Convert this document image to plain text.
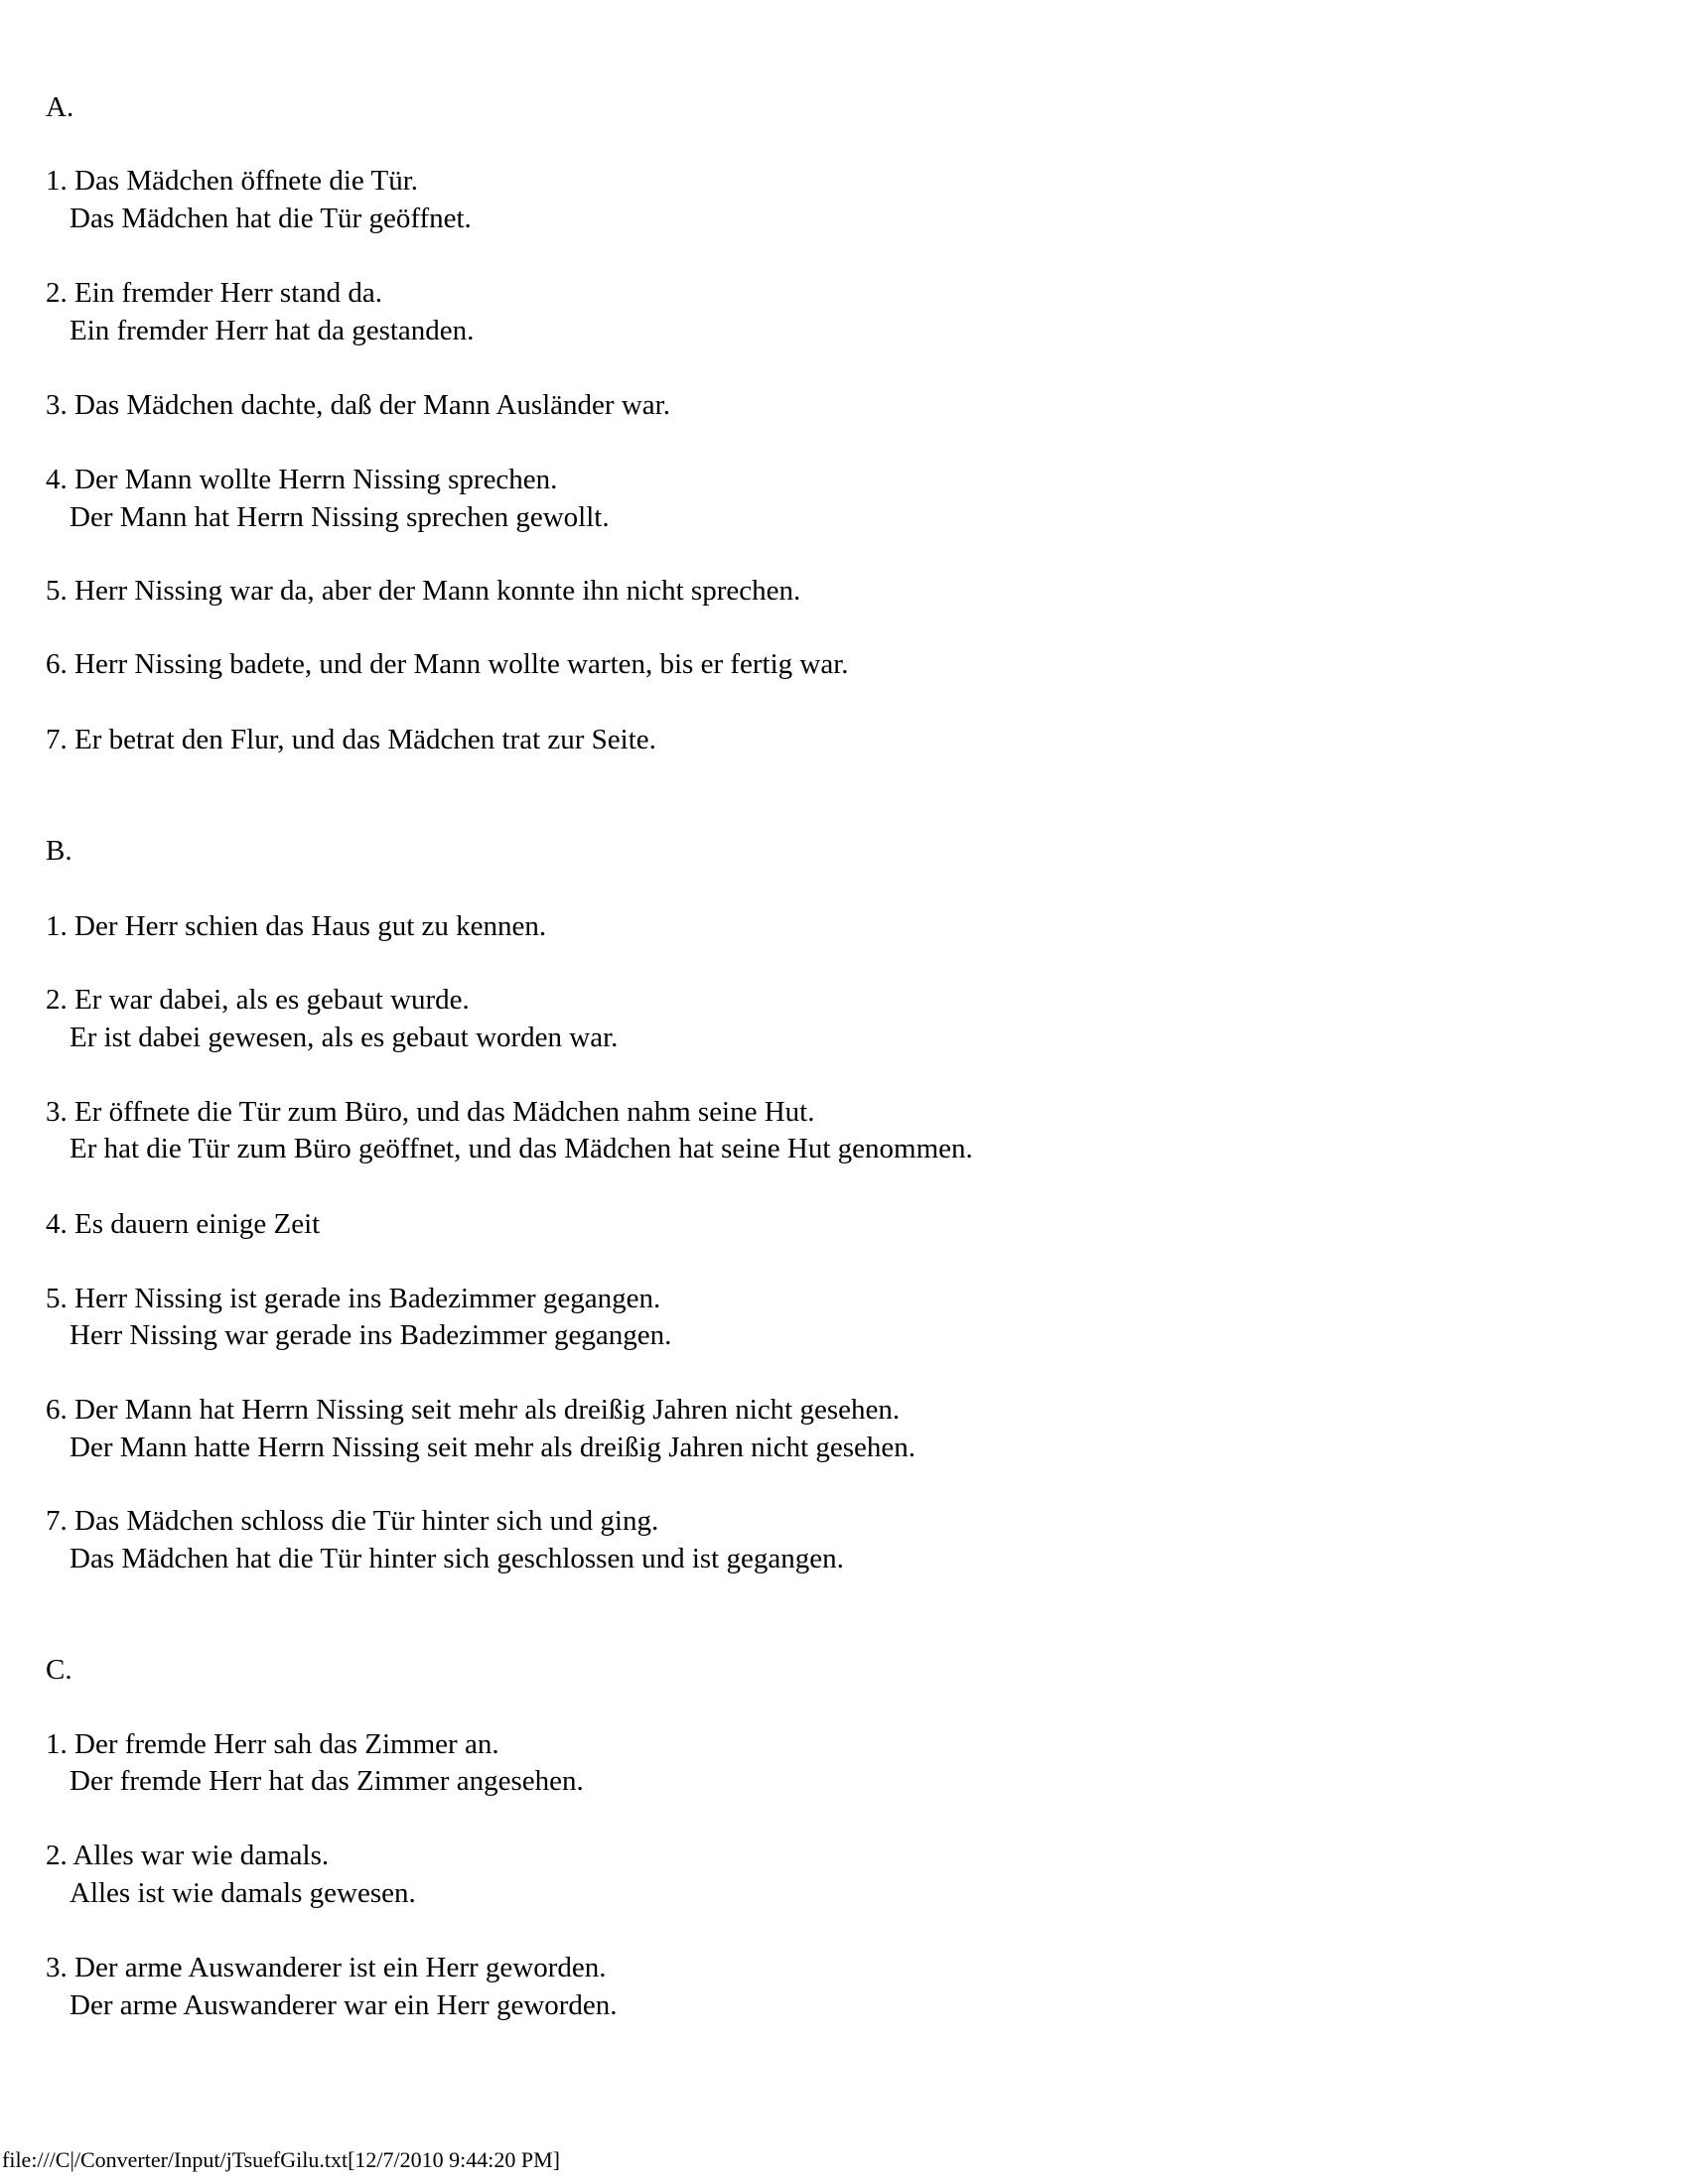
A.
1. Das Mädchen öffnete die Tür.
Das Mädchen hat die Tür geöffnet.
2. Ein fremder Herr stand da.
Ein fremder Herr hat da gestanden.
3. Das Mädchen dachte, daß der Mann Ausländer war.
4. Der Mann wollte Herrn Nissing sprechen.
Der Mann hat Herrn Nissing sprechen gewollt.
5. Herr Nissing war da, aber der Mann konnte ihn nicht sprechen.
6. Herr Nissing badete, und der Mann wollte warten, bis er fertig war.
7. Er betrat den Flur, und das Mädchen trat zur Seite.
B.
1. Der Herr schien das Haus gut zu kennen.
2. Er war dabei, als es gebaut wurde.
Er ist dabei gewesen, als es gebaut worden war.
3. Er öffnete die Tür zum Büro, und das Mädchen nahm seine Hut.
Er hat die Tür zum Büro geöffnet, und das Mädchen hat seine Hut genommen.
4. Es dauern einige Zeit
5. Herr Nissing ist gerade ins Badezimmer gegangen.
Herr Nissing war gerade ins Badezimmer gegangen.
6. Der Mann hat Herrn Nissing seit mehr als dreißig Jahren nicht gesehen.
Der Mann hatte Herrn Nissing seit mehr als dreißig Jahren nicht gesehen.
7. Das Mädchen schloss die Tür hinter sich und ging.
Das Mädchen hat die Tür hinter sich geschlossen und ist gegangen.
C.
1. Der fremde Herr sah das Zimmer an.
Der fremde Herr hat das Zimmer angesehen.
2. Alles war wie damals.
Alles ist wie damals gewesen.
3. Der arme Auswanderer ist ein Herr geworden.
Der arme Auswanderer war ein Herr geworden.
file:///C|/Converter/Input/jTsuefGilu.txt[12/7/2010 9:44:20 PM]
